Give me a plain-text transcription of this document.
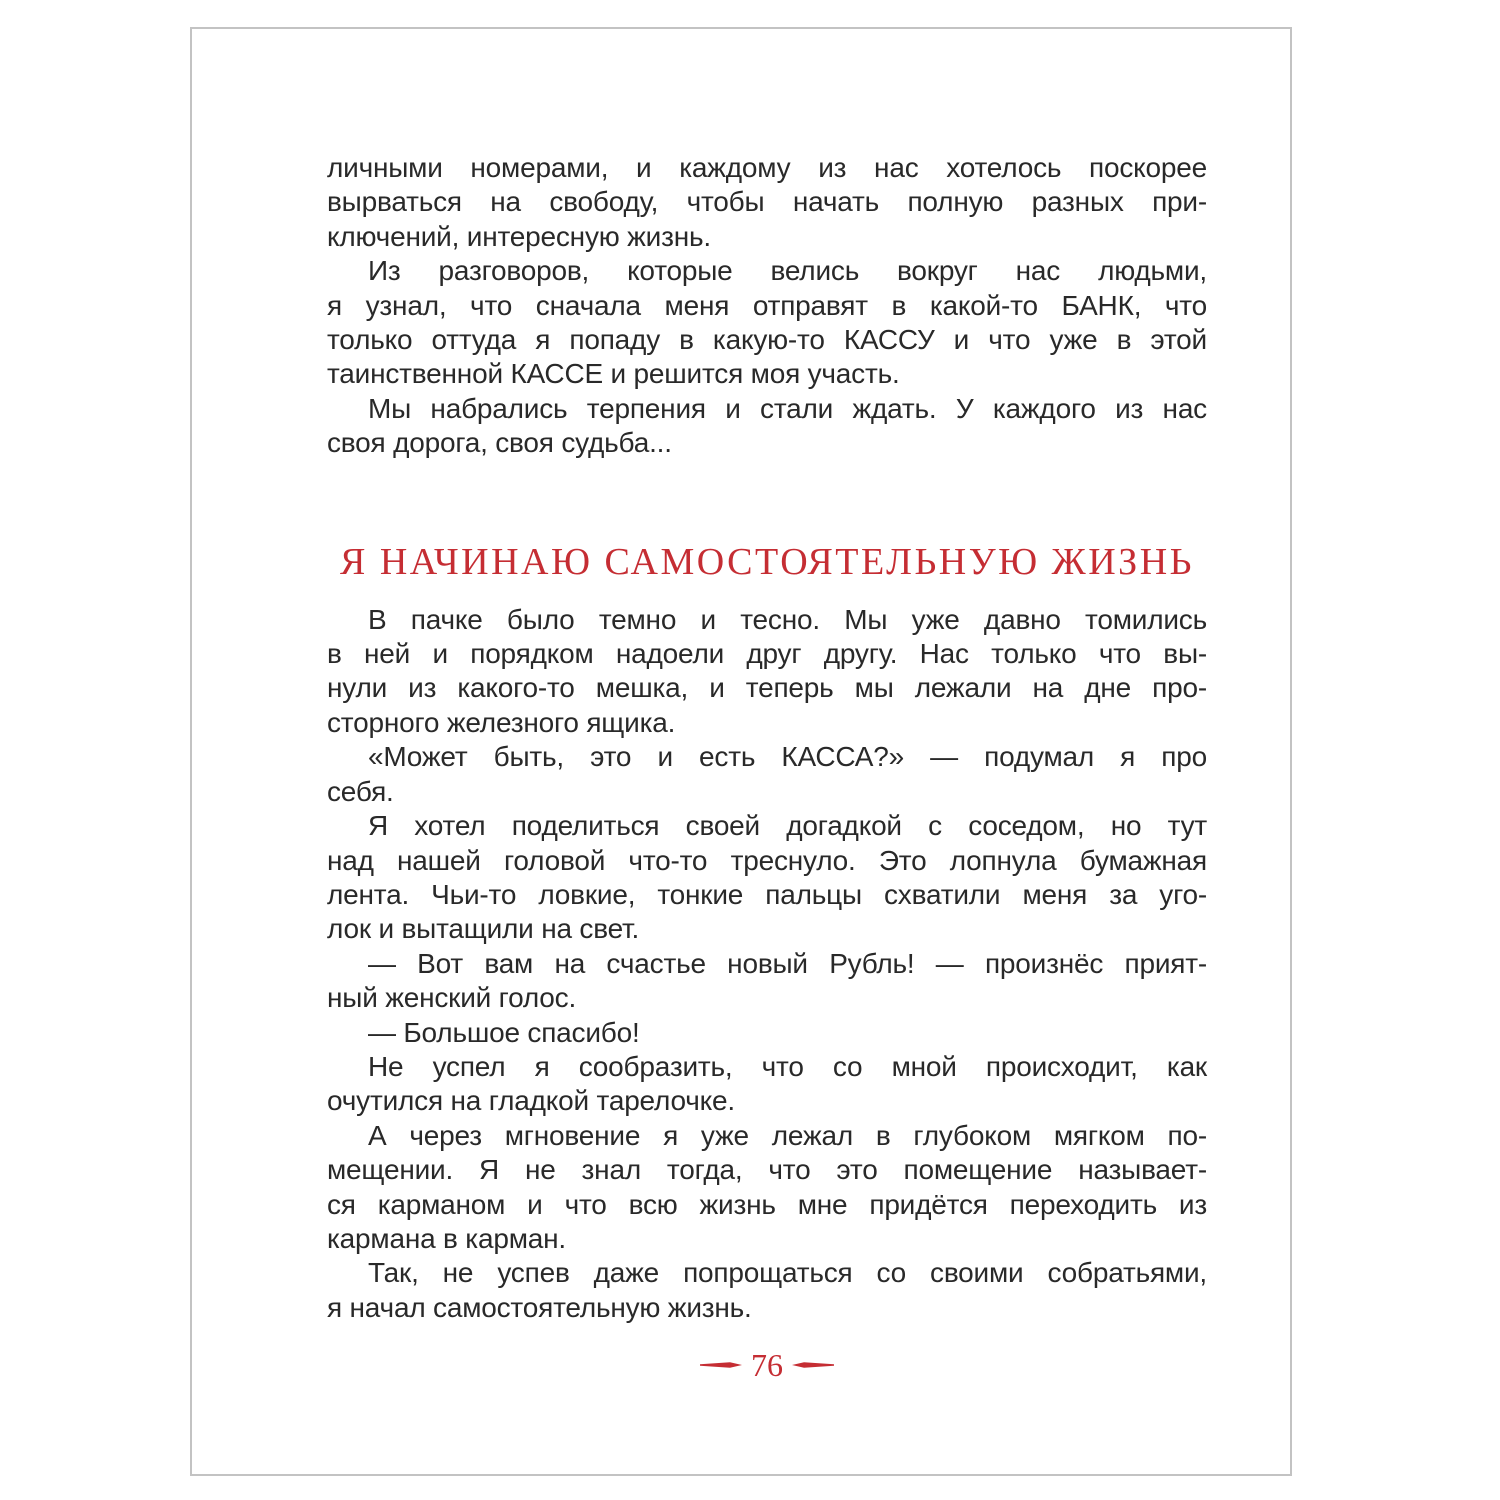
личными номерами, и каждому из нас хотелось поскорее
вырваться на свободу, чтобы начать полную разных при-
ключений, интересную жизнь.
Из разговоров, которые велись вокруг нас людьми,
я узнал, что сначала меня отправят в какой-то БАНК, что
только оттуда я попаду в какую-то КАССУ и что уже в этой
таинственной КАССЕ и решится моя участь.
Мы набрались терпения и стали ждать. У каждого из нас
своя дорога, своя судьба...
Я НАЧИНАЮ САМОСТОЯТЕЛЬНУЮ ЖИЗНЬ
В пачке было темно и тесно. Мы уже давно томились
в ней и порядком надоели друг другу. Нас только что вы-
нули из какого-то мешка, и теперь мы лежали на дне про-
сторного железного ящика.
«Может быть, это и есть КАССА?» — подумал я про
себя.
Я хотел поделиться своей догадкой с соседом, но тут
над нашей головой что-то треснуло. Это лопнула бумажная
лента. Чьи-то ловкие, тонкие пальцы схватили меня за уго-
лок и вытащили на свет.
— Вот вам на счастье новый Рубль! — произнёс прият-
ный женский голос.
— Большое спасибо!
Не успел я сообразить, что со мной происходит, как
очутился на гладкой тарелочке.
А через мгновение я уже лежал в глубоком мягком по-
мещении. Я не знал тогда, что это помещение называет-
ся карманом и что всю жизнь мне придётся переходить из
кармана в карман.
Так, не успев даже попрощаться со своими собратьями,
я начал самостоятельную жизнь.
76
